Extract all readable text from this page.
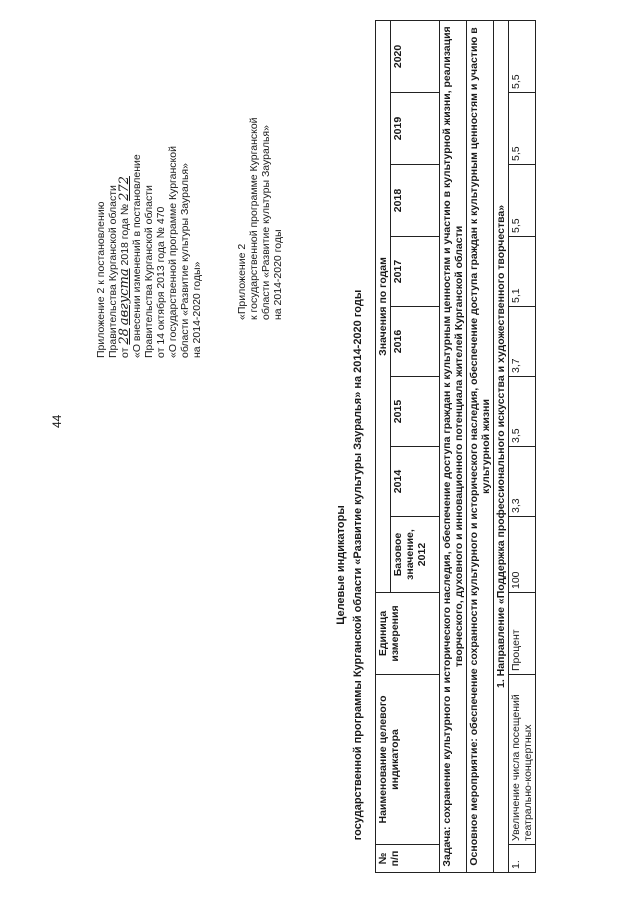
44
Приложение 2 к постановлению Правительства Курганской области от 28 августа 2018 года № 272 «О внесении изменений в постановление Правительства Курганской области от 14 октября 2013 года № 470 «О государственной программе Курганской области «Развитие культуры Зауралья» на 2014-2020 годы»	«Приложение 2 к государственной программе Курганской области «Развитие культуры Зауралья» на 2014-2020 годы
Целевые индикаторы государственной программы Курганской области «Развитие культуры Зауралья» на 2014-2020 годы
№ п/п	Наименование целевого индикатора	Единица измерения	Значения по годам							
			Базовое значение, 2012	2014	2015	2016	2017	2018	2019	2020
Задача: сохранение культурного и исторического наследия, обеспечение доступа граждан к культурным ценностям и участию в культурной жизни, реализация творческого, духовного и инновационного потенциала жителей Курганской области										
Основное мероприятие: обеспечение сохранности культурного и исторического наследия, обеспечение доступа граждан к культурным ценностям и участию в культурной жизни										
1. Направление «Поддержка профессионального искусства и художественного творчества»										
1.	Увеличение числа посещений театрально-концертных	Процент	100	3,3	3,5	3,7	5,1	5,5	5,5	5,5
